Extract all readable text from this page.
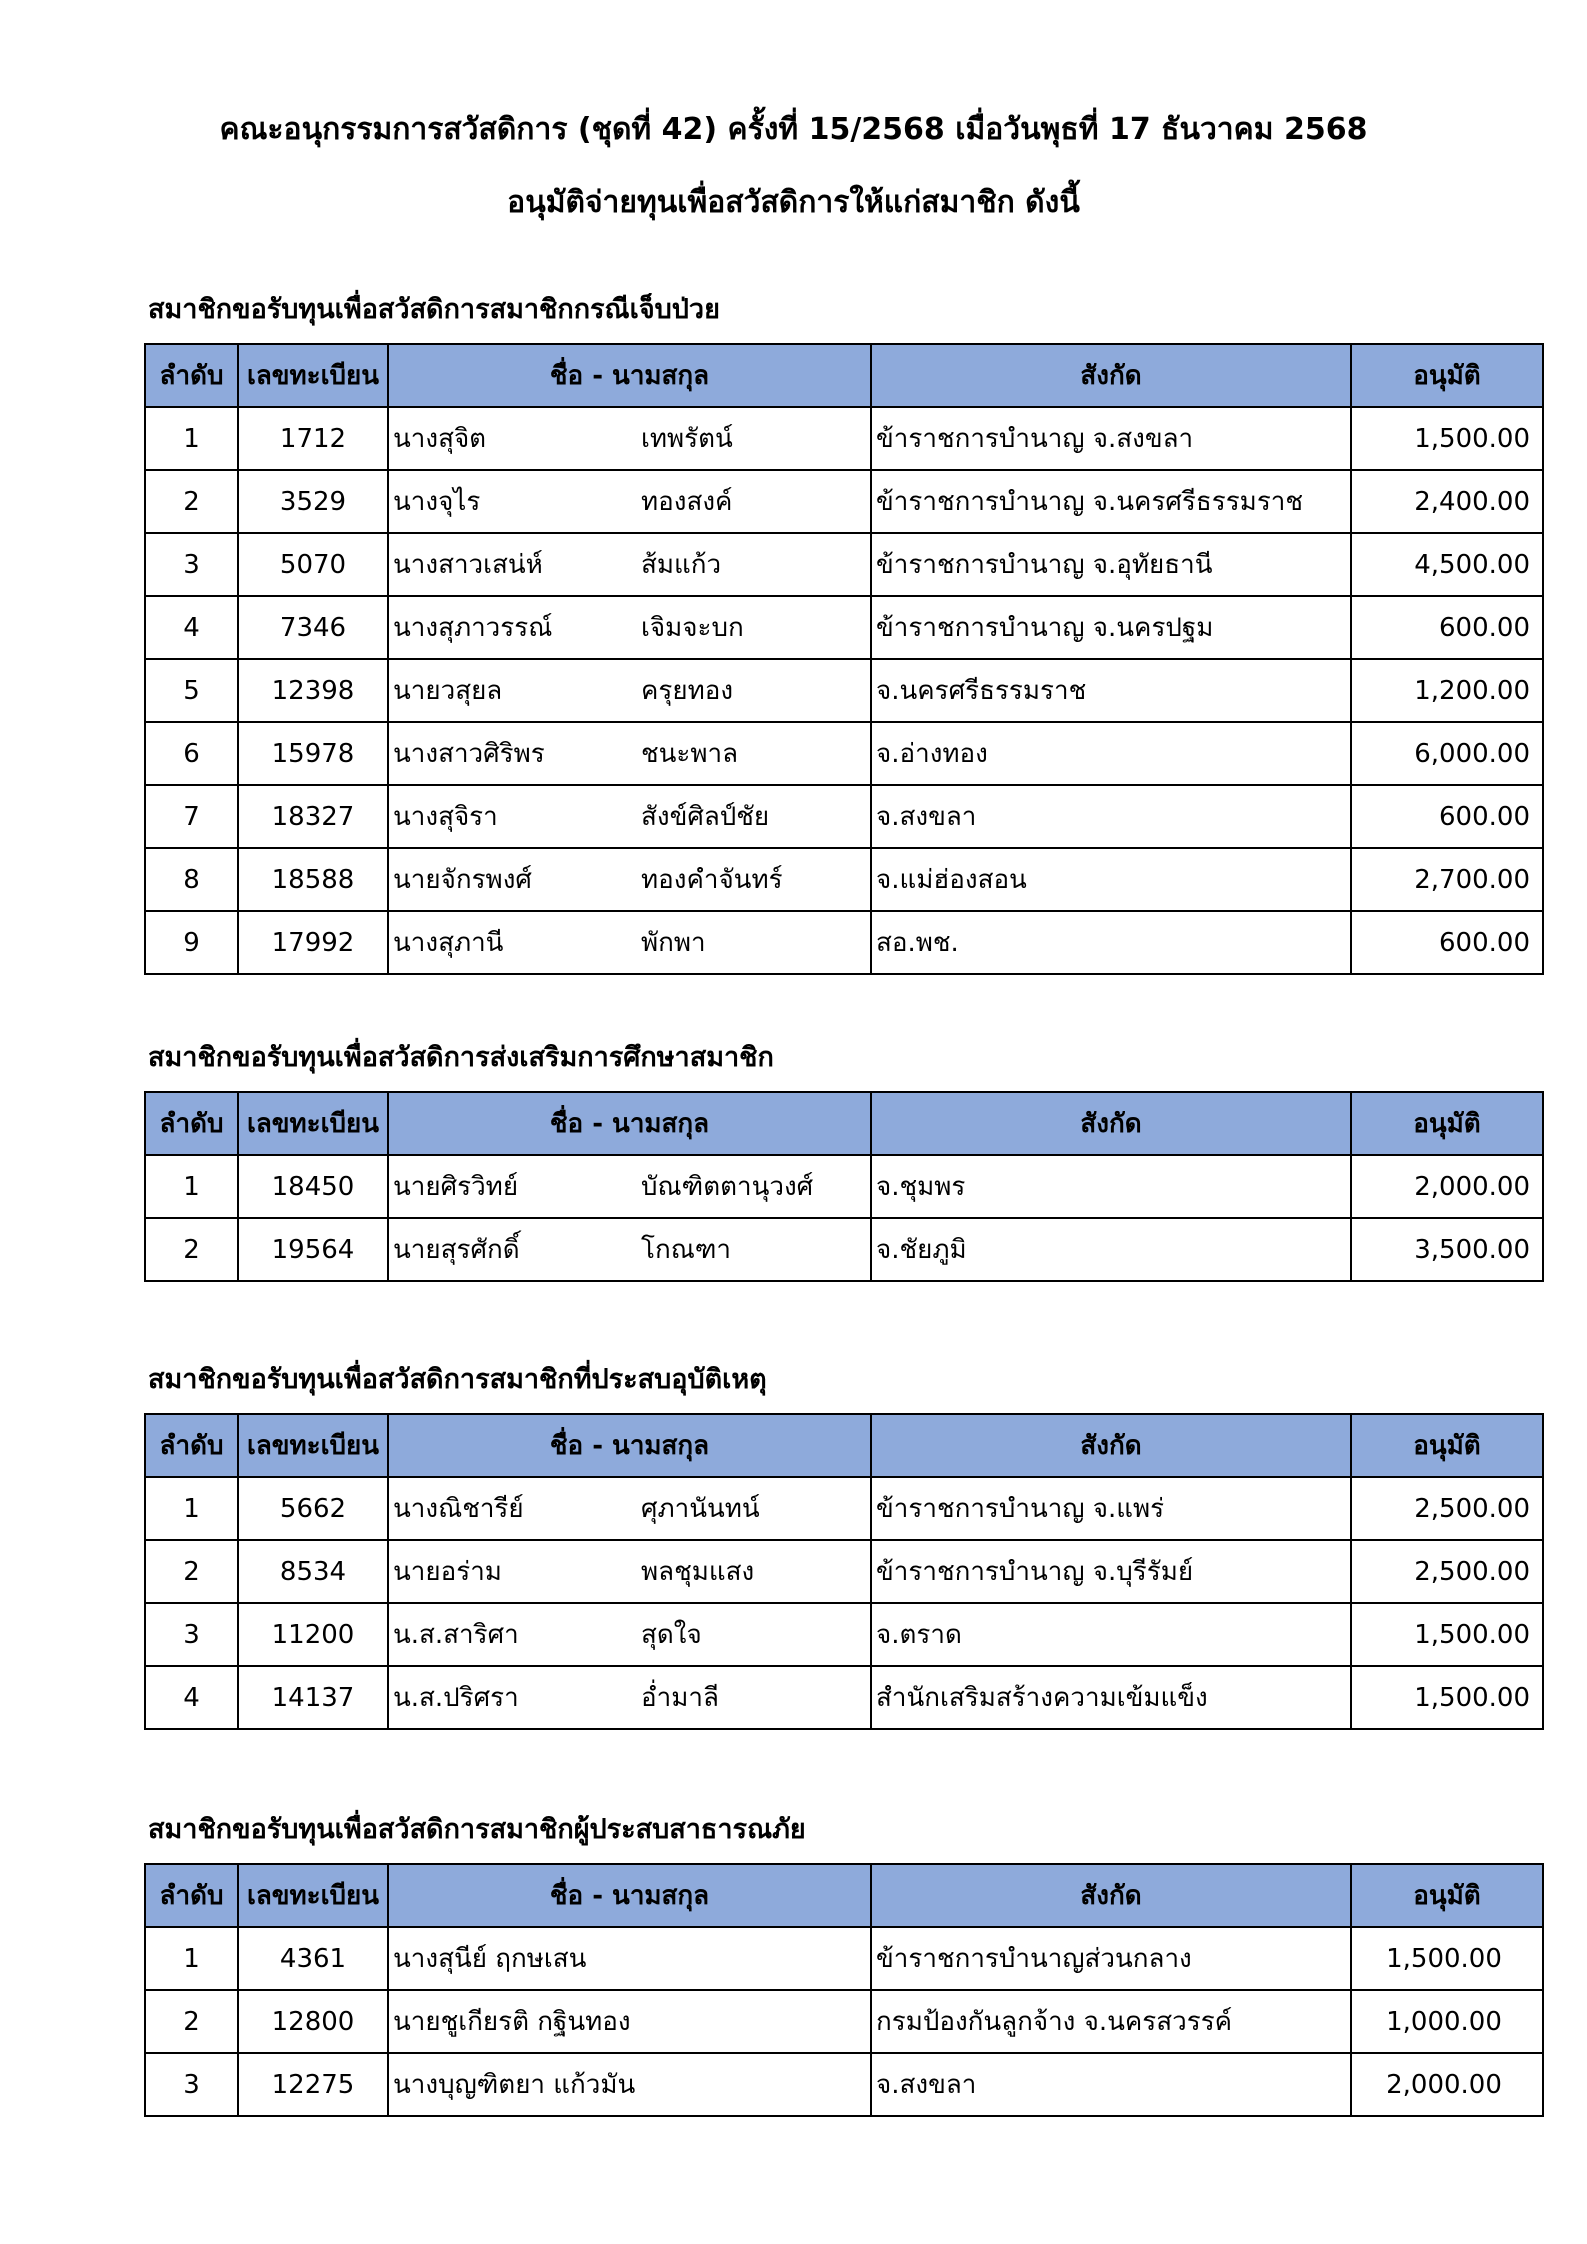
คณะอนุกรรมการสวัสดิการ (ชุดที่ 42) ครั้งที่ 15/2568 เมื่อวันพุธที่ 17 ธันวาคม 2568
อนุมัติจ่ายทุนเพื่อสวัสดิการให้แก่สมาชิก ดังนี้
สมาชิกขอรับทุนเพื่อสวัสดิการสมาชิกกรณีเจ็บป่วย
ลำดับ	เลขทะเบียน	ชื่อ - นามสกุล	สังกัด	อนุมัติ
1	1712	นางสุจิต เทพรัตน์	ข้าราชการบำนาญ จ.สงขลา	1,500.00
2	3529	นางจุไร ทองสงค์	ข้าราชการบำนาญ จ.นครศรีธรรมราช	2,400.00
3	5070	นางสาวเสน่ห์ ส้มแก้ว	ข้าราชการบำนาญ จ.อุทัยธานี	4,500.00
4	7346	นางสุภาวรรณ์ เจิมจะบก	ข้าราชการบำนาญ จ.นครปฐม	600.00
5	12398	นายวสุยล ครุยทอง	จ.นครศรีธรรมราช	1,200.00
6	15978	นางสาวศิริพร ชนะพาล	จ.อ่างทอง	6,000.00
7	18327	นางสุจิรา สังข์ศิลป์ชัย	จ.สงขลา	600.00
8	18588	นายจักรพงศ์ ทองคำจันทร์	จ.แม่ฮ่องสอน	2,700.00
9	17992	นางสุภานี พักพา	สอ.พช.	600.00
สมาชิกขอรับทุนเพื่อสวัสดิการส่งเสริมการศึกษาสมาชิก
ลำดับ	เลขทะเบียน	ชื่อ - นามสกุล	สังกัด	อนุมัติ
1	18450	นายศิรวิทย์ บัณฑิตตานุวงศ์	จ.ชุมพร	2,000.00
2	19564	นายสุรศักดิ์ โกณฑา	จ.ชัยภูมิ	3,500.00
สมาชิกขอรับทุนเพื่อสวัสดิการสมาชิกที่ประสบอุบัติเหตุ
ลำดับ	เลขทะเบียน	ชื่อ - นามสกุล	สังกัด	อนุมัติ
1	5662	นางณิชารีย์ ศุภานันทน์	ข้าราชการบำนาญ จ.แพร่	2,500.00
2	8534	นายอร่าม พลชุมแสง	ข้าราชการบำนาญ จ.บุรีรัมย์	2,500.00
3	11200	น.ส.สาริศา สุดใจ	จ.ตราด	1,500.00
4	14137	น.ส.ปริศรา อ่ำมาลี	สำนักเสริมสร้างความเข้มแข็ง	1,500.00
สมาชิกขอรับทุนเพื่อสวัสดิการสมาชิกผู้ประสบสาธารณภัย
ลำดับ	เลขทะเบียน	ชื่อ - นามสกุล	สังกัด	อนุมัติ
1	4361	นางสุนีย์ ฤกษเสน	ข้าราชการบำนาญส่วนกลาง	1,500.00
2	12800	นายชูเกียรติ กฐินทอง	กรมป้องกันลูกจ้าง จ.นครสวรรค์	1,000.00
3	12275	นางบุญฑิตยา แก้วมัน	จ.สงขลา	2,000.00
